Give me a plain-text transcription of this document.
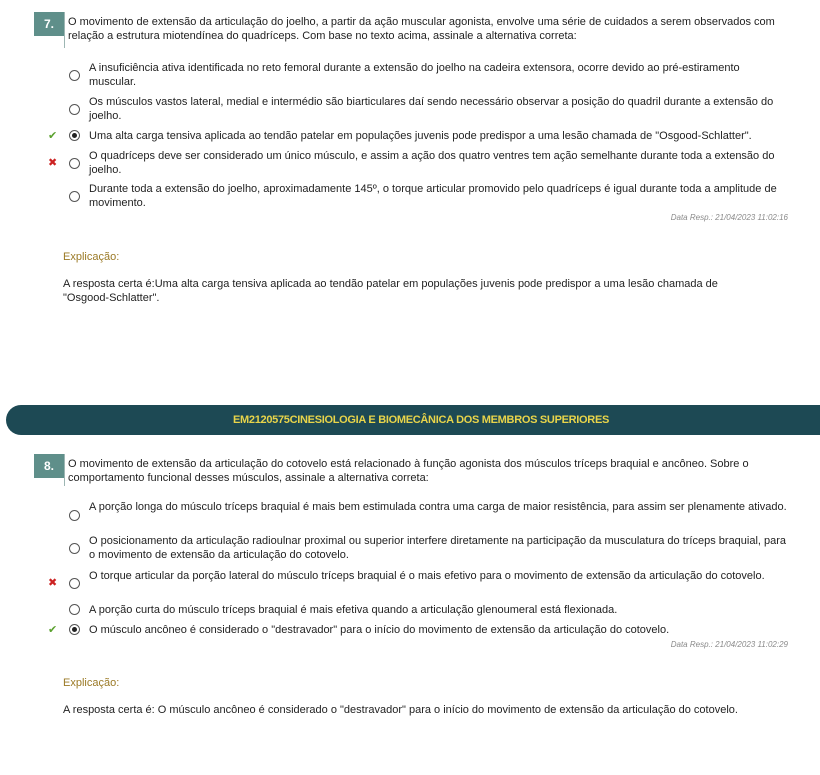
7.	O movimento de extensão da articulação do joelho, a partir da ação muscular agonista, envolve uma série de cuidados a serem observados com relação a estrutura miotendínea do quadríceps. Com base no texto acima, assinale a alternativa correta:
A insuficiência ativa identificada no reto femoral durante a extensão do joelho na cadeira extensora, ocorre devido ao pré-estiramento muscular.
Os músculos vastos lateral, medial e intermédio são biarticulares daí sendo necessário observar a posição do quadril durante a extensão do joelho.
✔	Uma alta carga tensiva aplicada ao tendão patelar em populações juvenis pode predispor a uma lesão chamada de "Osgood-Schlatter".
✖
O quadríceps deve ser considerado um único músculo, e assim a ação dos quatro ventres tem ação semelhante durante toda a extensão do joelho.
Durante toda a extensão do joelho, aproximadamente 145º, o torque articular promovido pelo quadríceps é igual durante toda a amplitude de movimento.
Data Resp.: 21/04/2023 11:02:16
Explicação:
A resposta certa é:Uma alta carga tensiva aplicada ao tendão patelar em populações juvenis pode predispor a uma lesão chamada de "Osgood-Schlatter".
EM2120575CINESIOLOGIA E BIOMECÂNICA DOS MEMBROS SUPERIORES
8.	O movimento de extensão da articulação do cotovelo está relacionado à função agonista dos músculos tríceps braquial e ancôneo. Sobre o comportamento funcional desses músculos, assinale a alternativa correta:
A porção longa do músculo tríceps braquial é mais bem estimulada contra uma carga de maior resistência, para assim ser plenamente ativado.
O posicionamento da articulação radioulnar proximal ou superior interfere diretamente na participação da musculatura do tríceps braquial, para o movimento de extensão da articulação do cotovelo.
✖
O torque articular da porção lateral do músculo tríceps braquial é o mais efetivo para o movimento de extensão da articulação do cotovelo.
A porção curta do músculo tríceps braquial é mais efetiva quando a articulação glenoumeral está flexionada.
✔	O músculo ancôneo é considerado o "destravador" para o início do movimento de extensão da articulação do cotovelo.
Data Resp.: 21/04/2023 11:02:29
Explicação:
A resposta certa é: O músculo ancôneo é considerado o "destravador" para o início do movimento de extensão da articulação do cotovelo.
